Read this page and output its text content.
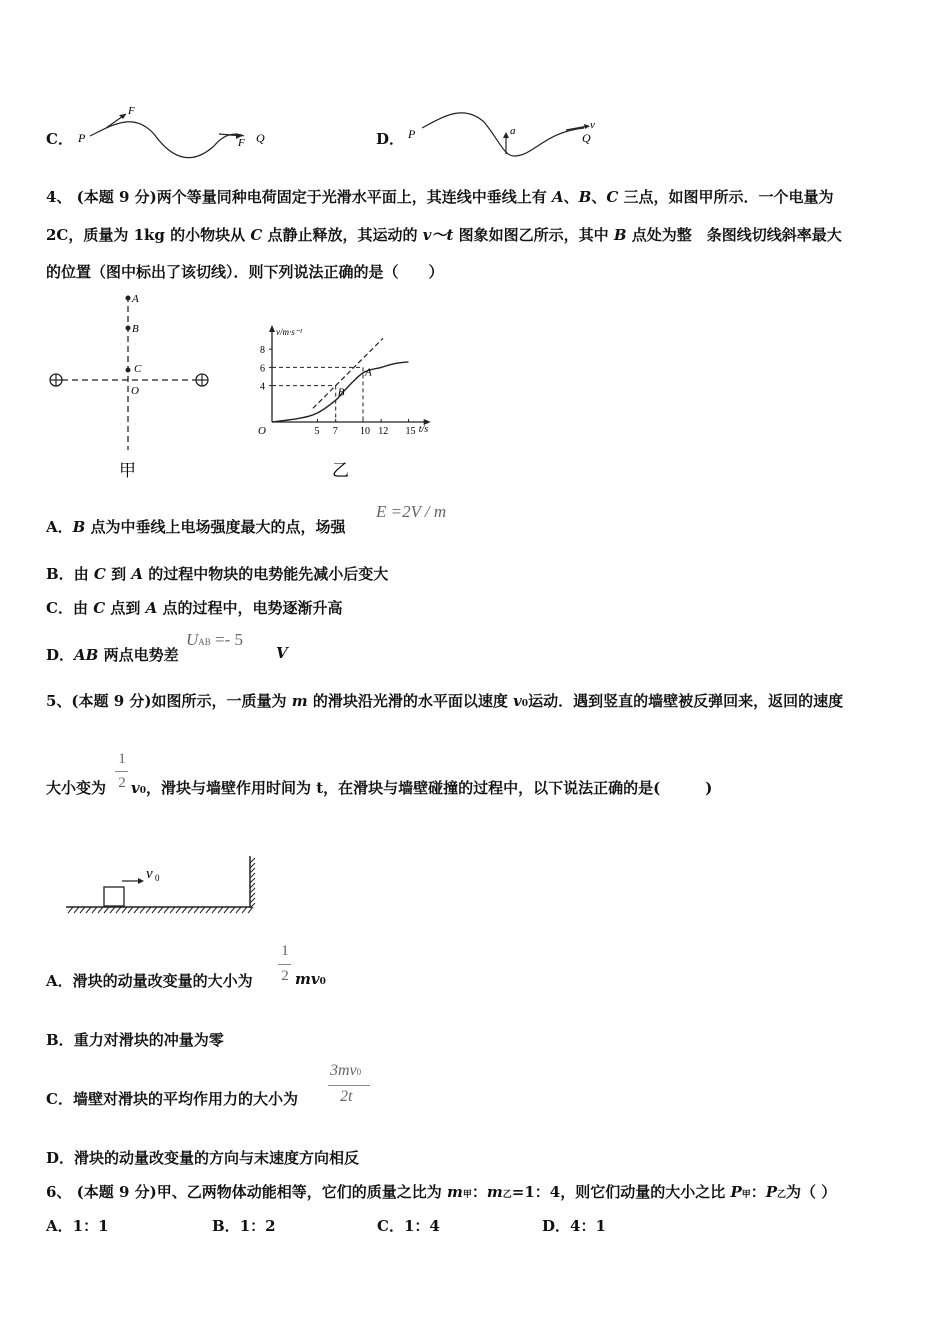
C． P
F
F Q	D． P	a	v
Q
4、 (本题 9 分)两个等量同种电荷固定于光滑水平面上，其连线中垂线上有 A、B、C 三点，如图甲所示．一个电量为
2C，质量为 1kg 的小物块从 C 点静止释放，其运动的 v～t 图象如图乙所示，其中 B 点处为整　条图线切线斜率最大
的位置（图中标出了该切线）．则下列说法正确的是（　　）
A
B
C
O
甲	乙
v/m·s⁻¹
t/s
O
8
6
4
5 7 10 12 15
B
A
A．B 点为中垂线上电场强度最大的点，场强
E =2V / m
B．由 C 到 A 的过程中物块的电势能先减小后变大
C．由 C 点到 A 点的过程中，电势逐渐升高
D．AB 两点电势差
UAB =- 5
V
5、(本题 9 分)如图所示，一质量为 m 的滑块沿光滑的水平面以速度 v0运动．遇到竖直的墙壁被反弹回来，返回的速度
1
2
大小变为 v0，滑块与墙壁作用时间为 t，在滑块与墙壁碰撞的过程中，以下说法正确的是(　　　)
v 0
A．滑块的动量改变量的大小为
1
2 mv0
B．重力对滑块的冲量为零
C．墙壁对滑块的平均作用力的大小为
3mv0
2t
D．滑块的动量改变量的方向与末速度方向相反
6、 (本题 9 分)甲、乙两物体动能相等，它们的质量之比为 m甲：m乙=1：4，则它们动量的大小之比 P甲：P乙为（ ）
A．1：1	B．1：2	C．1：4	D．4：1
